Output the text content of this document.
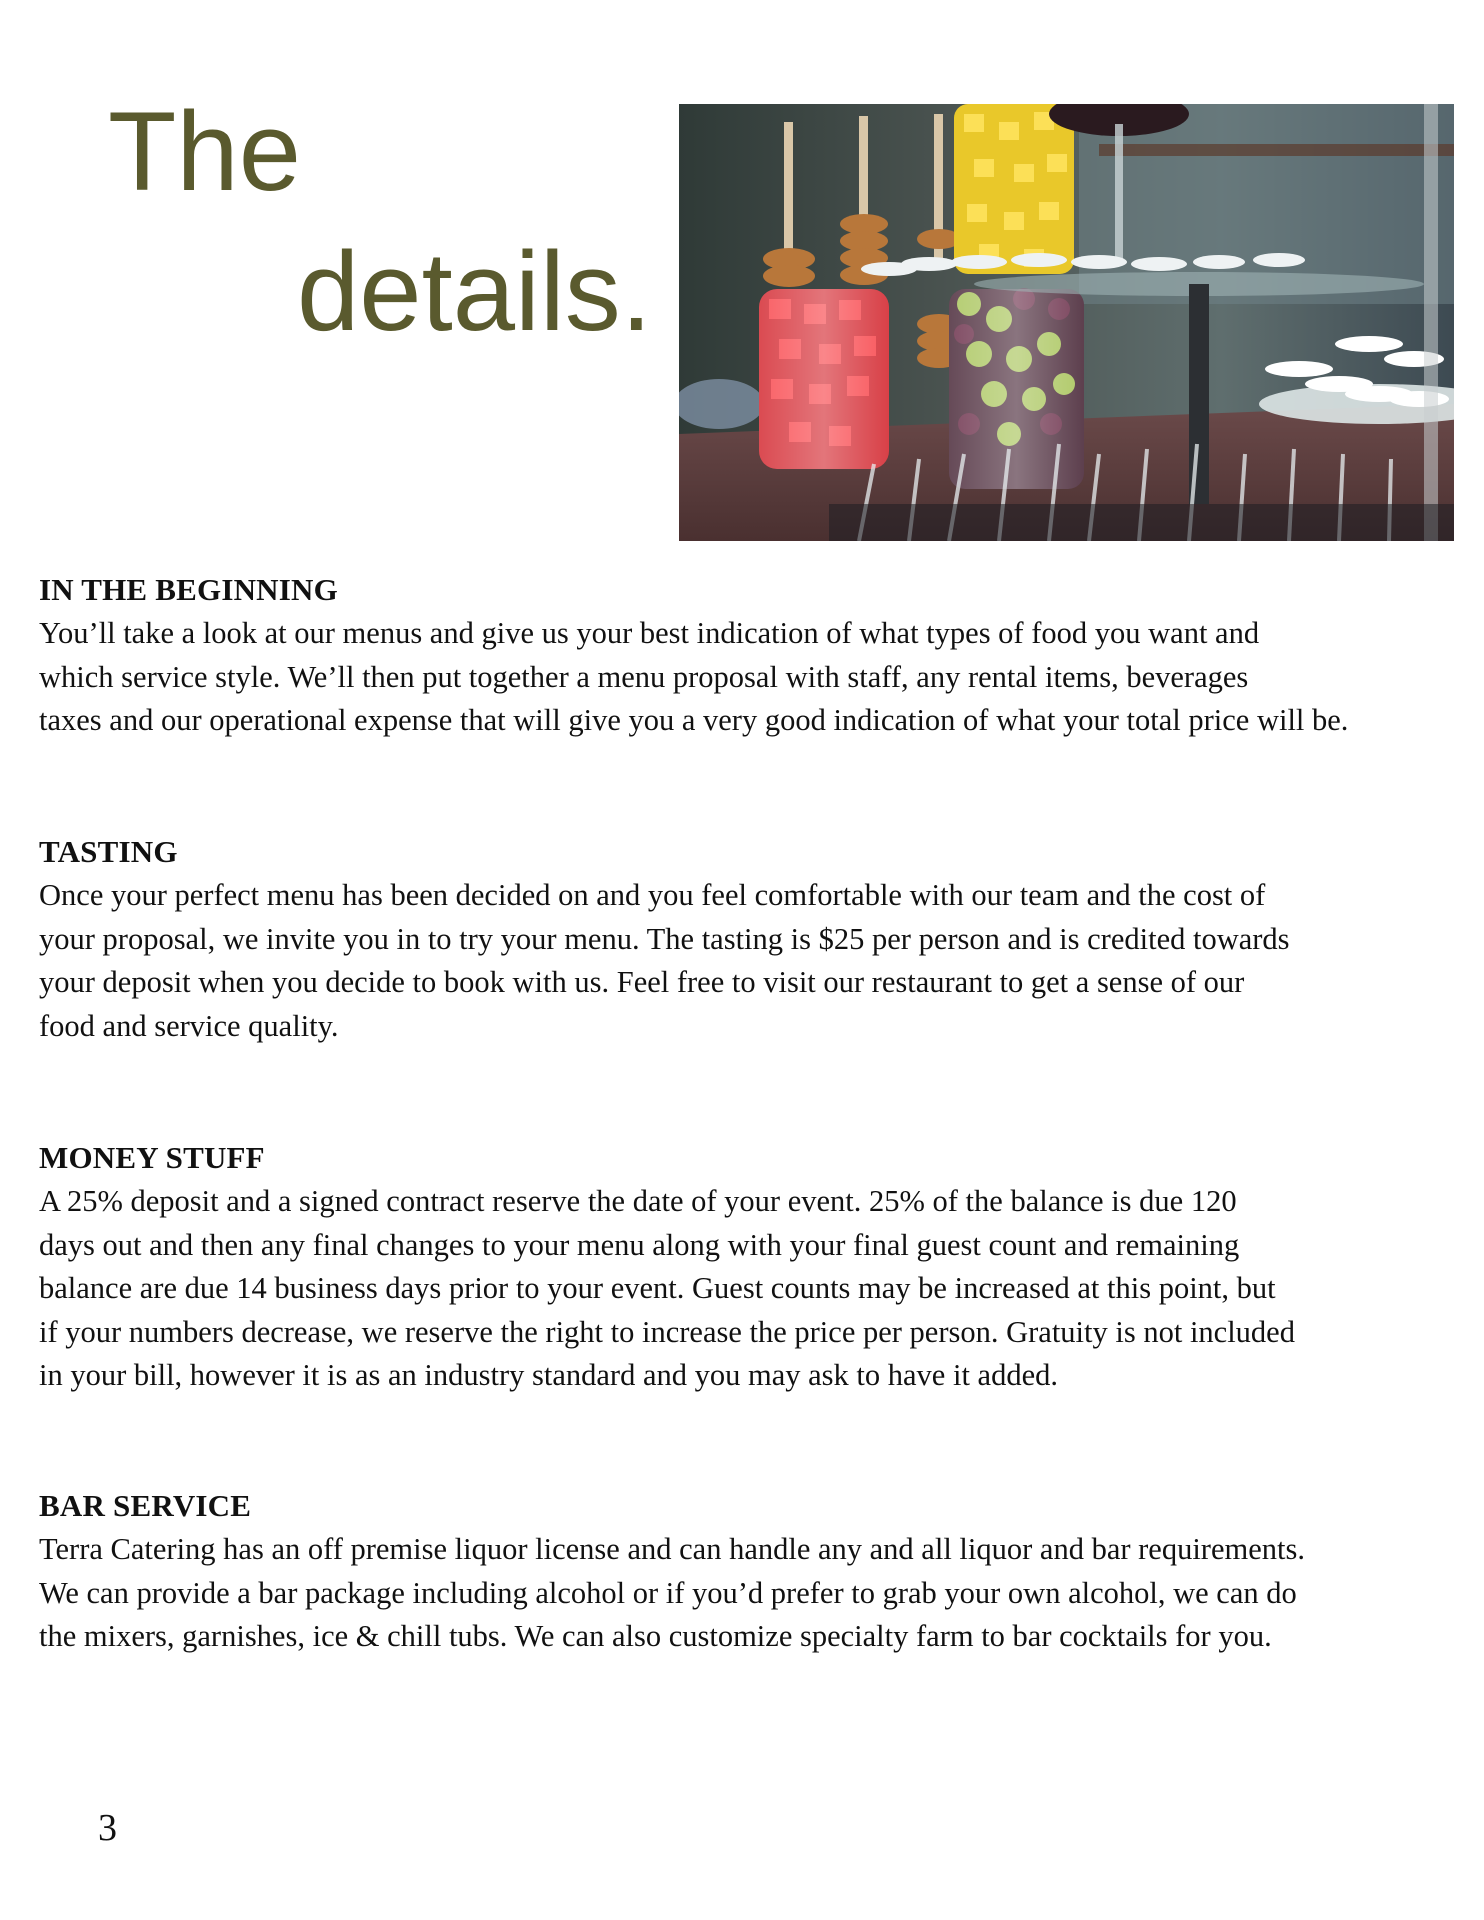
The
details.
IN THE BEGINNING

You’ll take a look at our menus and give us your best indication of what types of food you want and
which service style. We’ll then put together a menu proposal with staff, any rental items, beverages
taxes and our operational expense that will give you a very good indication of what your total price will be.

TASTING

Once your perfect menu has been decided on and you feel comfortable with our team and the cost of
your proposal, we invite you in to try your menu. The tasting is $25 per person and is credited towards
your deposit when you decide to book with us. Feel free to visit our restaurant to get a sense of our
food and service quality.

MONEY STUFF

A 25% deposit and a signed contract reserve the date of your event. 25% of the balance is due 120
days out and then any final changes to your menu along with your final guest count and remaining
balance are due 14 business days prior to your event. Guest counts may be increased at this point, but
if your numbers decrease, we reserve the right to increase the price per person. Gratuity is not included
in your bill, however it is as an industry standard and you may ask to have it added.

BAR SERVICE

Terra Catering has an off premise liquor license and can handle any and all liquor and bar requirements.
We can provide a bar package including alcohol or if you’d prefer to grab your own alcohol, we can do
the mixers, garnishes, ice & chill tubs. We can also customize specialty farm to bar cocktails for you.

3
